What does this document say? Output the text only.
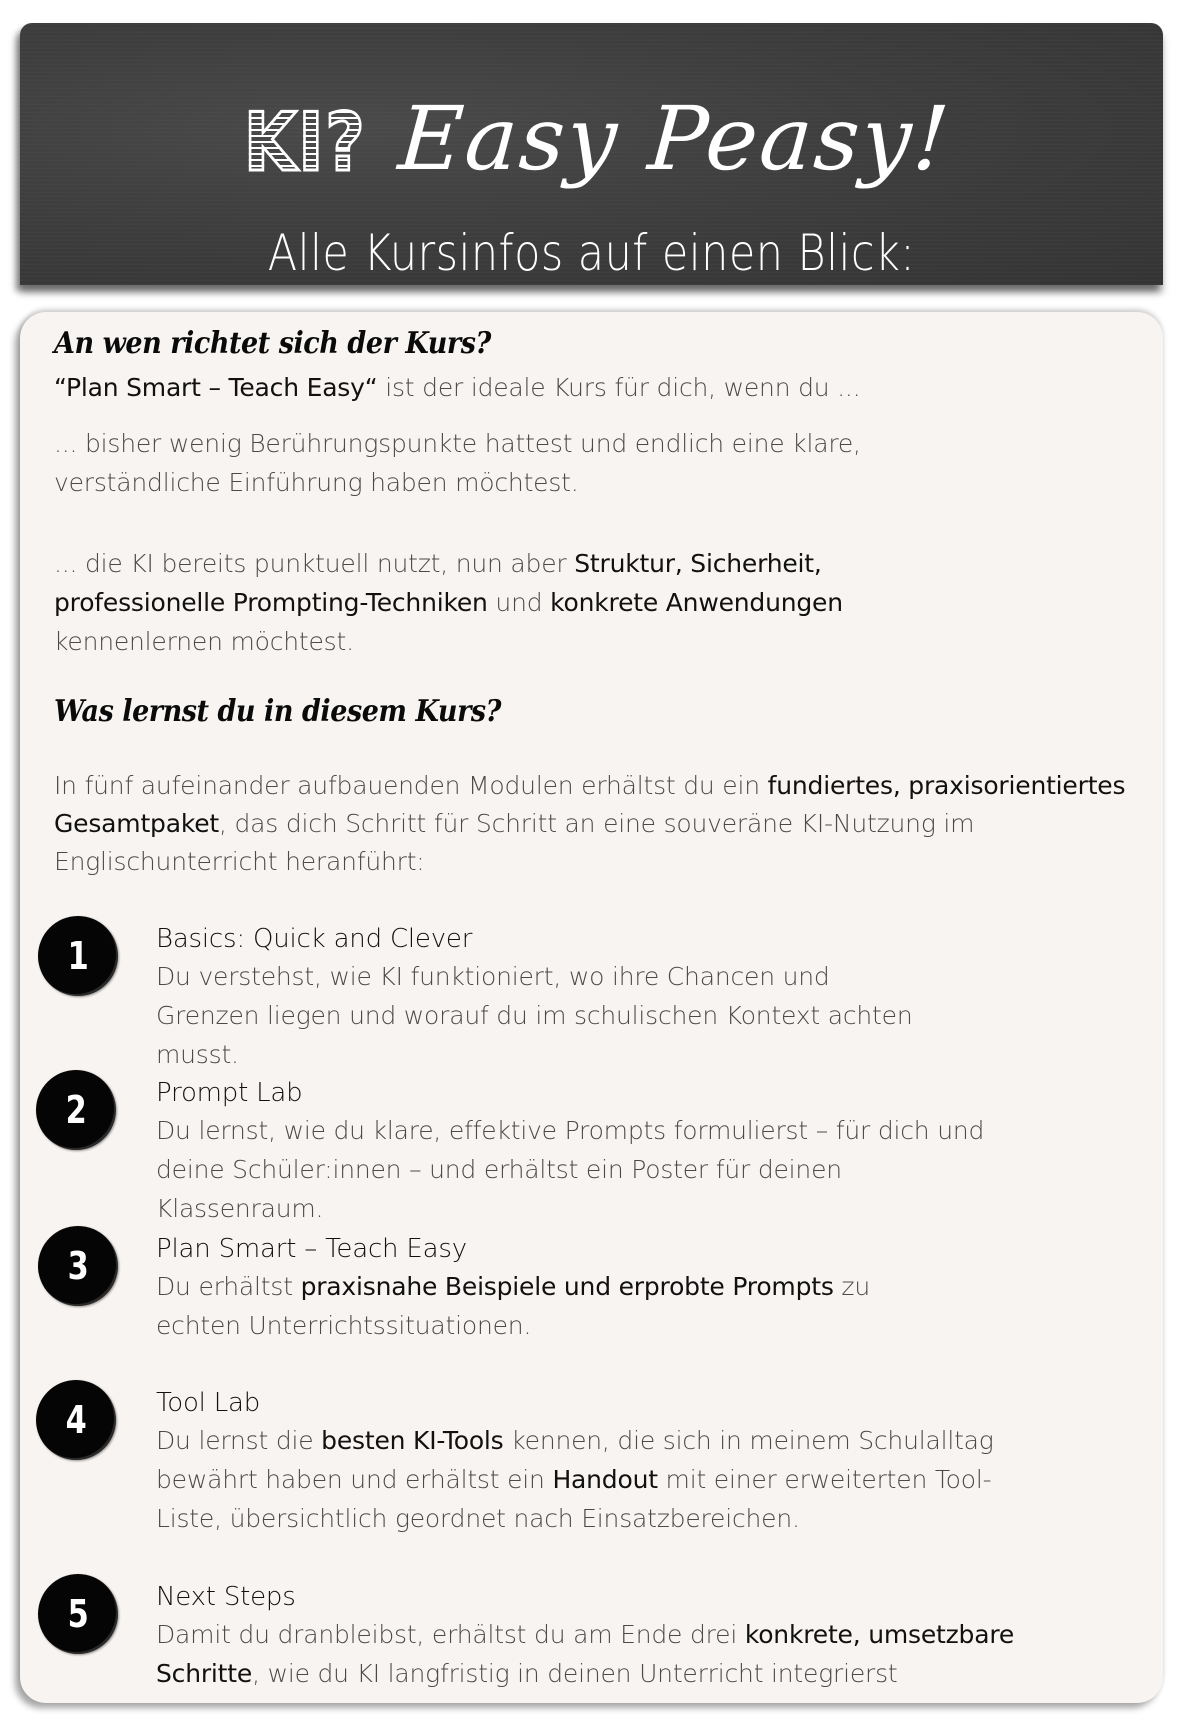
KI? Easy Peasy!
Alle Kursinfos auf einen Blick:
An wen richtet sich der Kurs?
“Plan Smart – Teach Easy“ ist der ideale Kurs für dich, wenn du ...
... bisher wenig Berührungspunkte hattest und endlich eine klare, verständliche Einführung haben möchtest.
... die KI bereits punktuell nutzt, nun aber Struktur, Sicherheit, professionelle Prompting-Techniken und konkrete Anwendungen kennenlernen möchtest.
Was lernst du in diesem Kurs?
In fünf aufeinander aufbauenden Modulen erhältst du ein fundiertes, praxisorientiertes Gesamtpaket, das dich Schritt für Schritt an eine souveräne KI-Nutzung im Englischunterricht heranführt:
1	Basics: Quick and Clever
Du verstehst, wie KI funktioniert, wo ihre Chancen und Grenzen liegen und worauf du im schulischen Kontext achten musst.
2	Prompt Lab
Du lernst, wie du klare, effektive Prompts formulierst – für dich und deine Schüler:innen – und erhältst ein Poster für deinen Klassenraum.
3	Plan Smart – Teach Easy
Du erhältst praxisnahe Beispiele und erprobte Prompts zu echten Unterrichtssituationen.
4	Tool Lab
Du lernst die besten KI-Tools kennen, die sich in meinem Schulalltag bewährt haben und erhältst ein Handout mit einer erweiterten Tool-Liste, übersichtlich geordnet nach Einsatzbereichen.
5	Next Steps
Damit du dranbleibst, erhältst du am Ende drei konkrete, umsetzbare Schritte, wie du KI langfristig in deinen Unterricht integrierst
